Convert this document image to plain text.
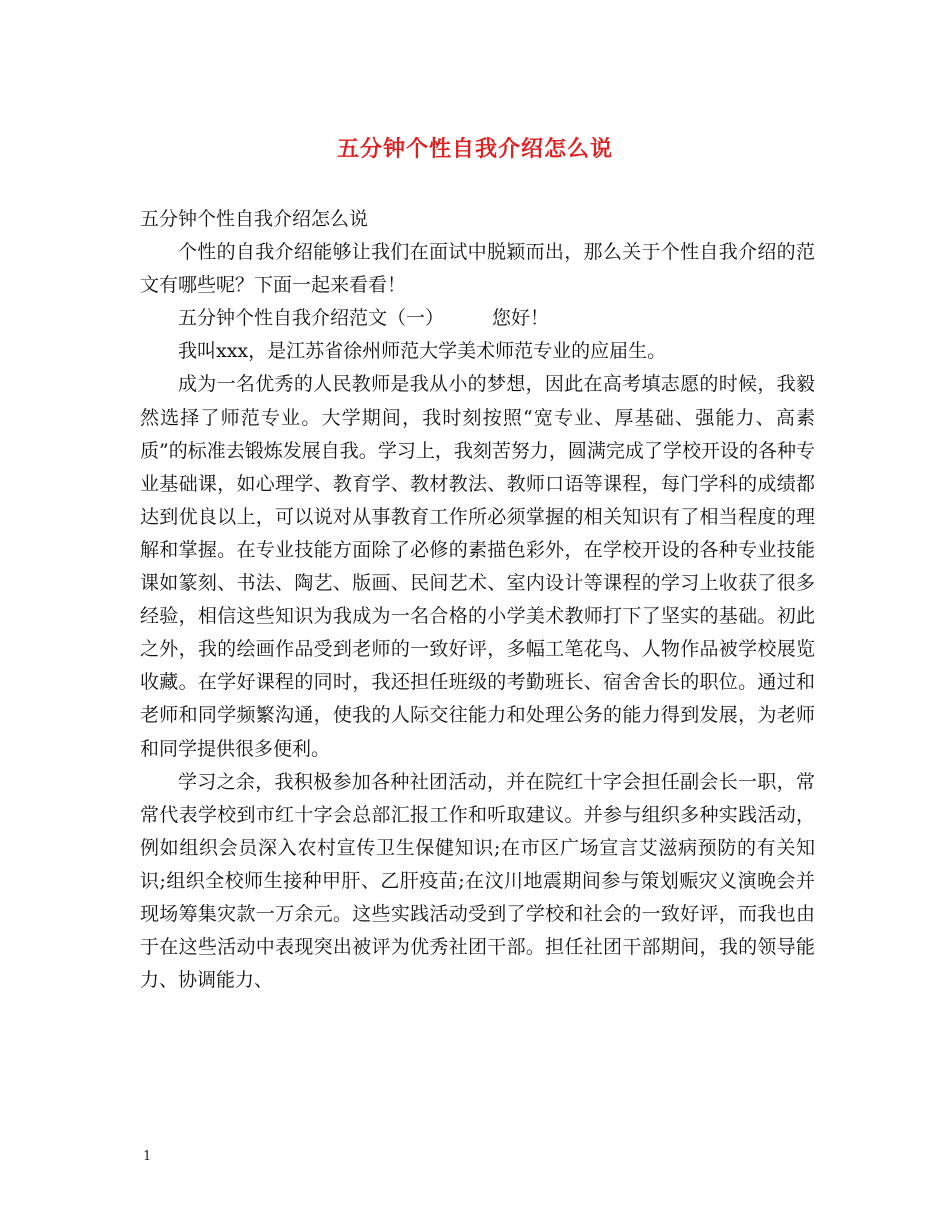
五分钟个性自我介绍怎么说

五分钟个性自我介绍怎么说

个性的自我介绍能够让我们在面试中脱颖而出，那么关于个性自我介绍的范文有哪些呢？下面一起来看看！

五分钟个性自我介绍范文（一）	您好！

我叫xxx，是江苏省徐州师范大学美术师范专业的应届生。

成为一名优秀的人民教师是我从小的梦想，因此在高考填志愿的时候，我毅然选择了师范专业。大学期间，我时刻按照“宽专业、厚基础、强能力、高素质”的标准去锻炼发展自我。学习上，我刻苦努力，圆满完成了学校开设的各种专业基础课，如心理学、教育学、教材教法、教师口语等课程，每门学科的成绩都达到优良以上，可以说对从事教育工作所必须掌握的相关知识有了相当程度的理解和掌握。在专业技能方面除了必修的素描色彩外，在学校开设的各种专业技能课如篆刻、书法、陶艺、版画、民间艺术、室内设计等课程的学习上收获了很多经验，相信这些知识为我成为一名合格的小学美术教师打下了坚实的基础。初此之外，我的绘画作品受到老师的一致好评，多幅工笔花鸟、人物作品被学校展览收藏。在学好课程的同时，我还担任班级的考勤班长、宿舍舍长的职位。通过和老师和同学频繁沟通，使我的人际交往能力和处理公务的能力得到发展，为老师和同学提供很多便利。

学习之余，我积极参加各种社团活动，并在院红十字会担任副会长一职，常常代表学校到市红十字会总部汇报工作和听取建议。并参与组织多种实践活动，例如组织会员深入农村宣传卫生保健知识;在市区广场宣言艾滋病预防的有关知识;组织全校师生接种甲肝、乙肝疫苗;在汶川地震期间参与策划赈灾义演晚会并现场筹集灾款一万余元。这些实践活动受到了学校和社会的一致好评，而我也由于在这些活动中表现突出被评为优秀社团干部。担任社团干部期间，我的领导能力、协调能力、

1
